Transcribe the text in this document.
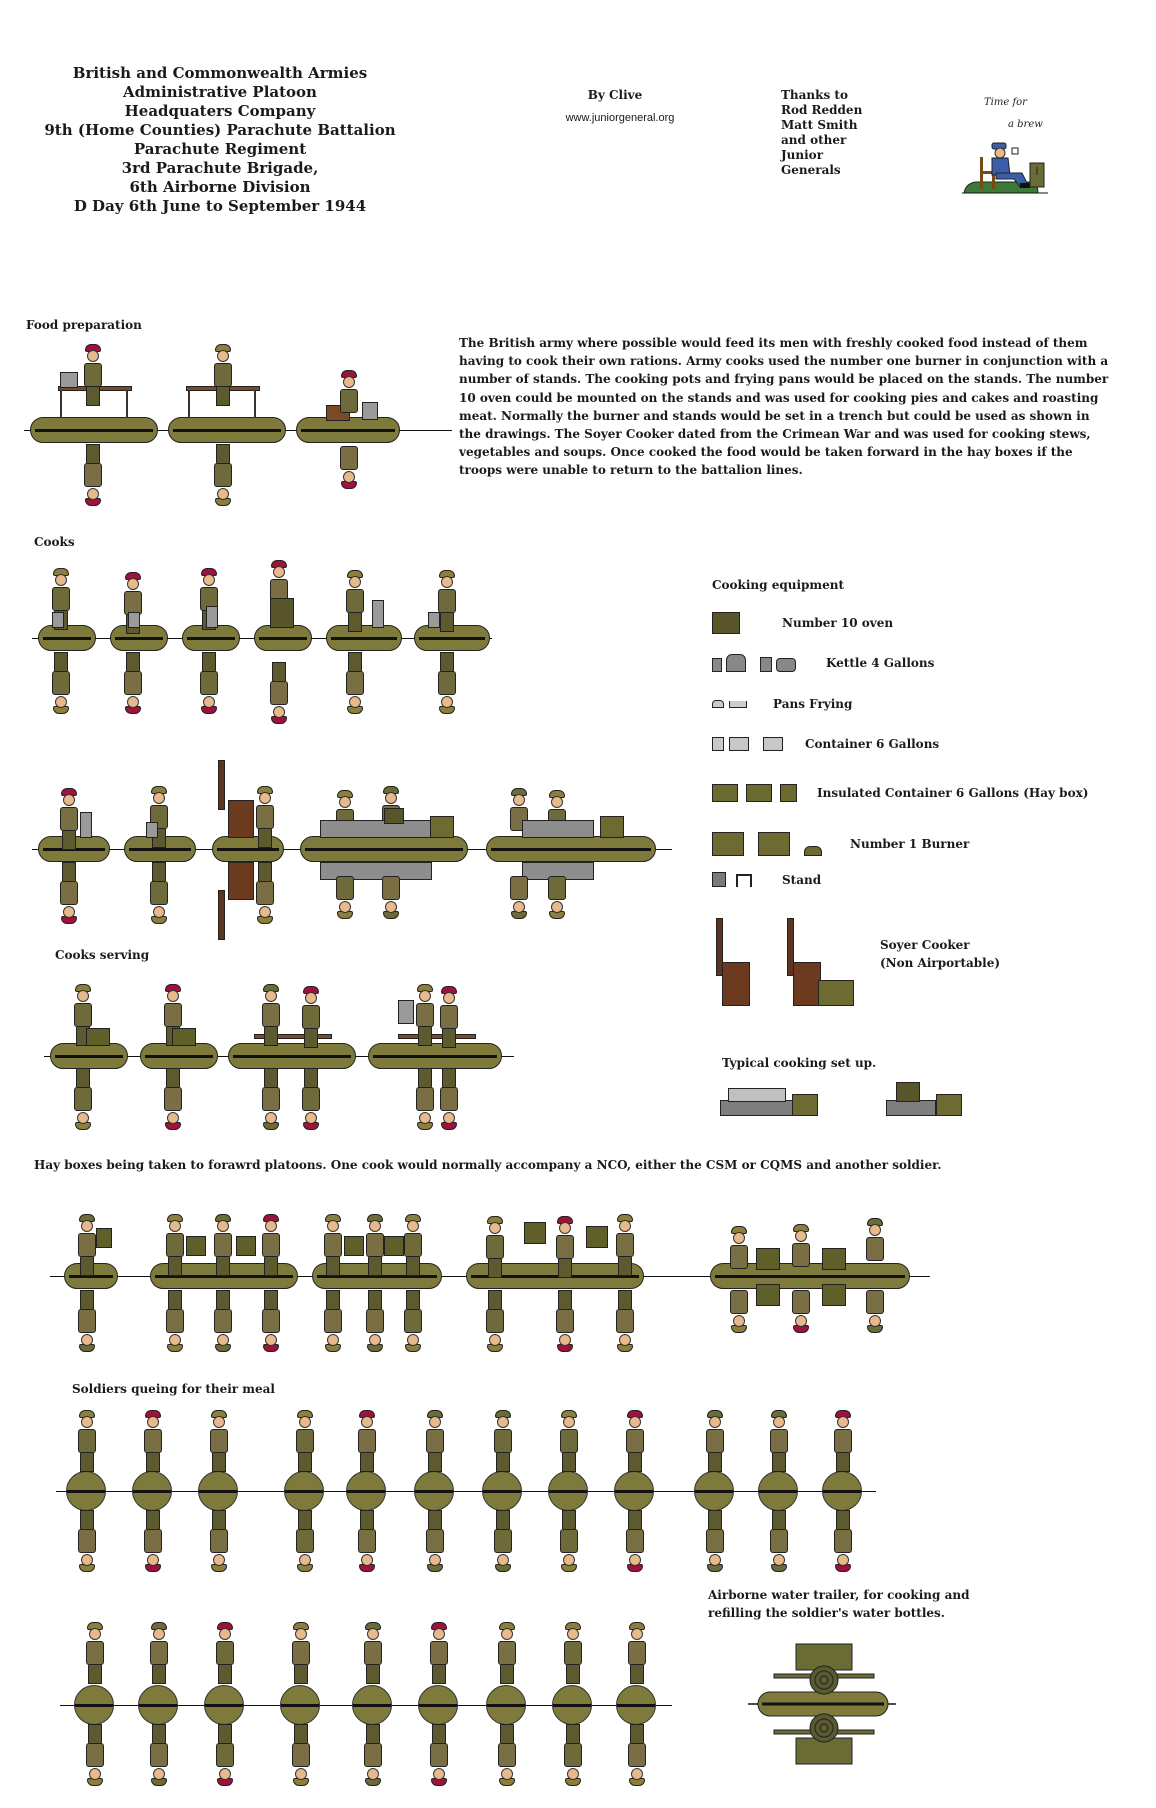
British and Commonwealth Armies
Administrative Platoon
Headquaters Company
9th (Home Counties) Parachute Battalion
Parachute Regiment
3rd Parachute Brigade,
6th Airborne Division
D Day 6th June to September 1944
By Clive
www.juniorgeneral.org
Thanks to
Rod Redden
Matt Smith
and other
Junior
Generals
Time for
a brew
Food preparation
The British army where possible would feed its men with freshly cooked food instead of them having to cook their own rations. Army cooks used the number one burner in conjunction with a number of stands. The cooking pots and frying pans would be placed on the stands. The number 10 oven could be mounted on the stands and was used for cooking pies and cakes and roasting meat. Normally the burner and stands would be set in a trench but could be used as shown in the drawings. The Soyer Cooker dated from the Crimean War and was used for cooking stews, vegetables and soups. Once cooked the food would be taken forward in the hay boxes if the troops were unable to return to the battalion lines.
Cooks
Cooks serving
Cooking equipment
Number 10 oven
Kettle 4 Gallons
Pans Frying
Container 6 Gallons
Insulated Container 6 Gallons (Hay box)
Number 1 Burner
Stand
Soyer Cooker
(Non Airportable)
Typical cooking set up.
Hay boxes being taken to forawrd platoons. One cook would normally accompany a NCO, either the CSM or CQMS and another soldier.
Soldiers queing for their meal
Airborne water trailer, for cooking and
refilling the soldier's water bottles.
